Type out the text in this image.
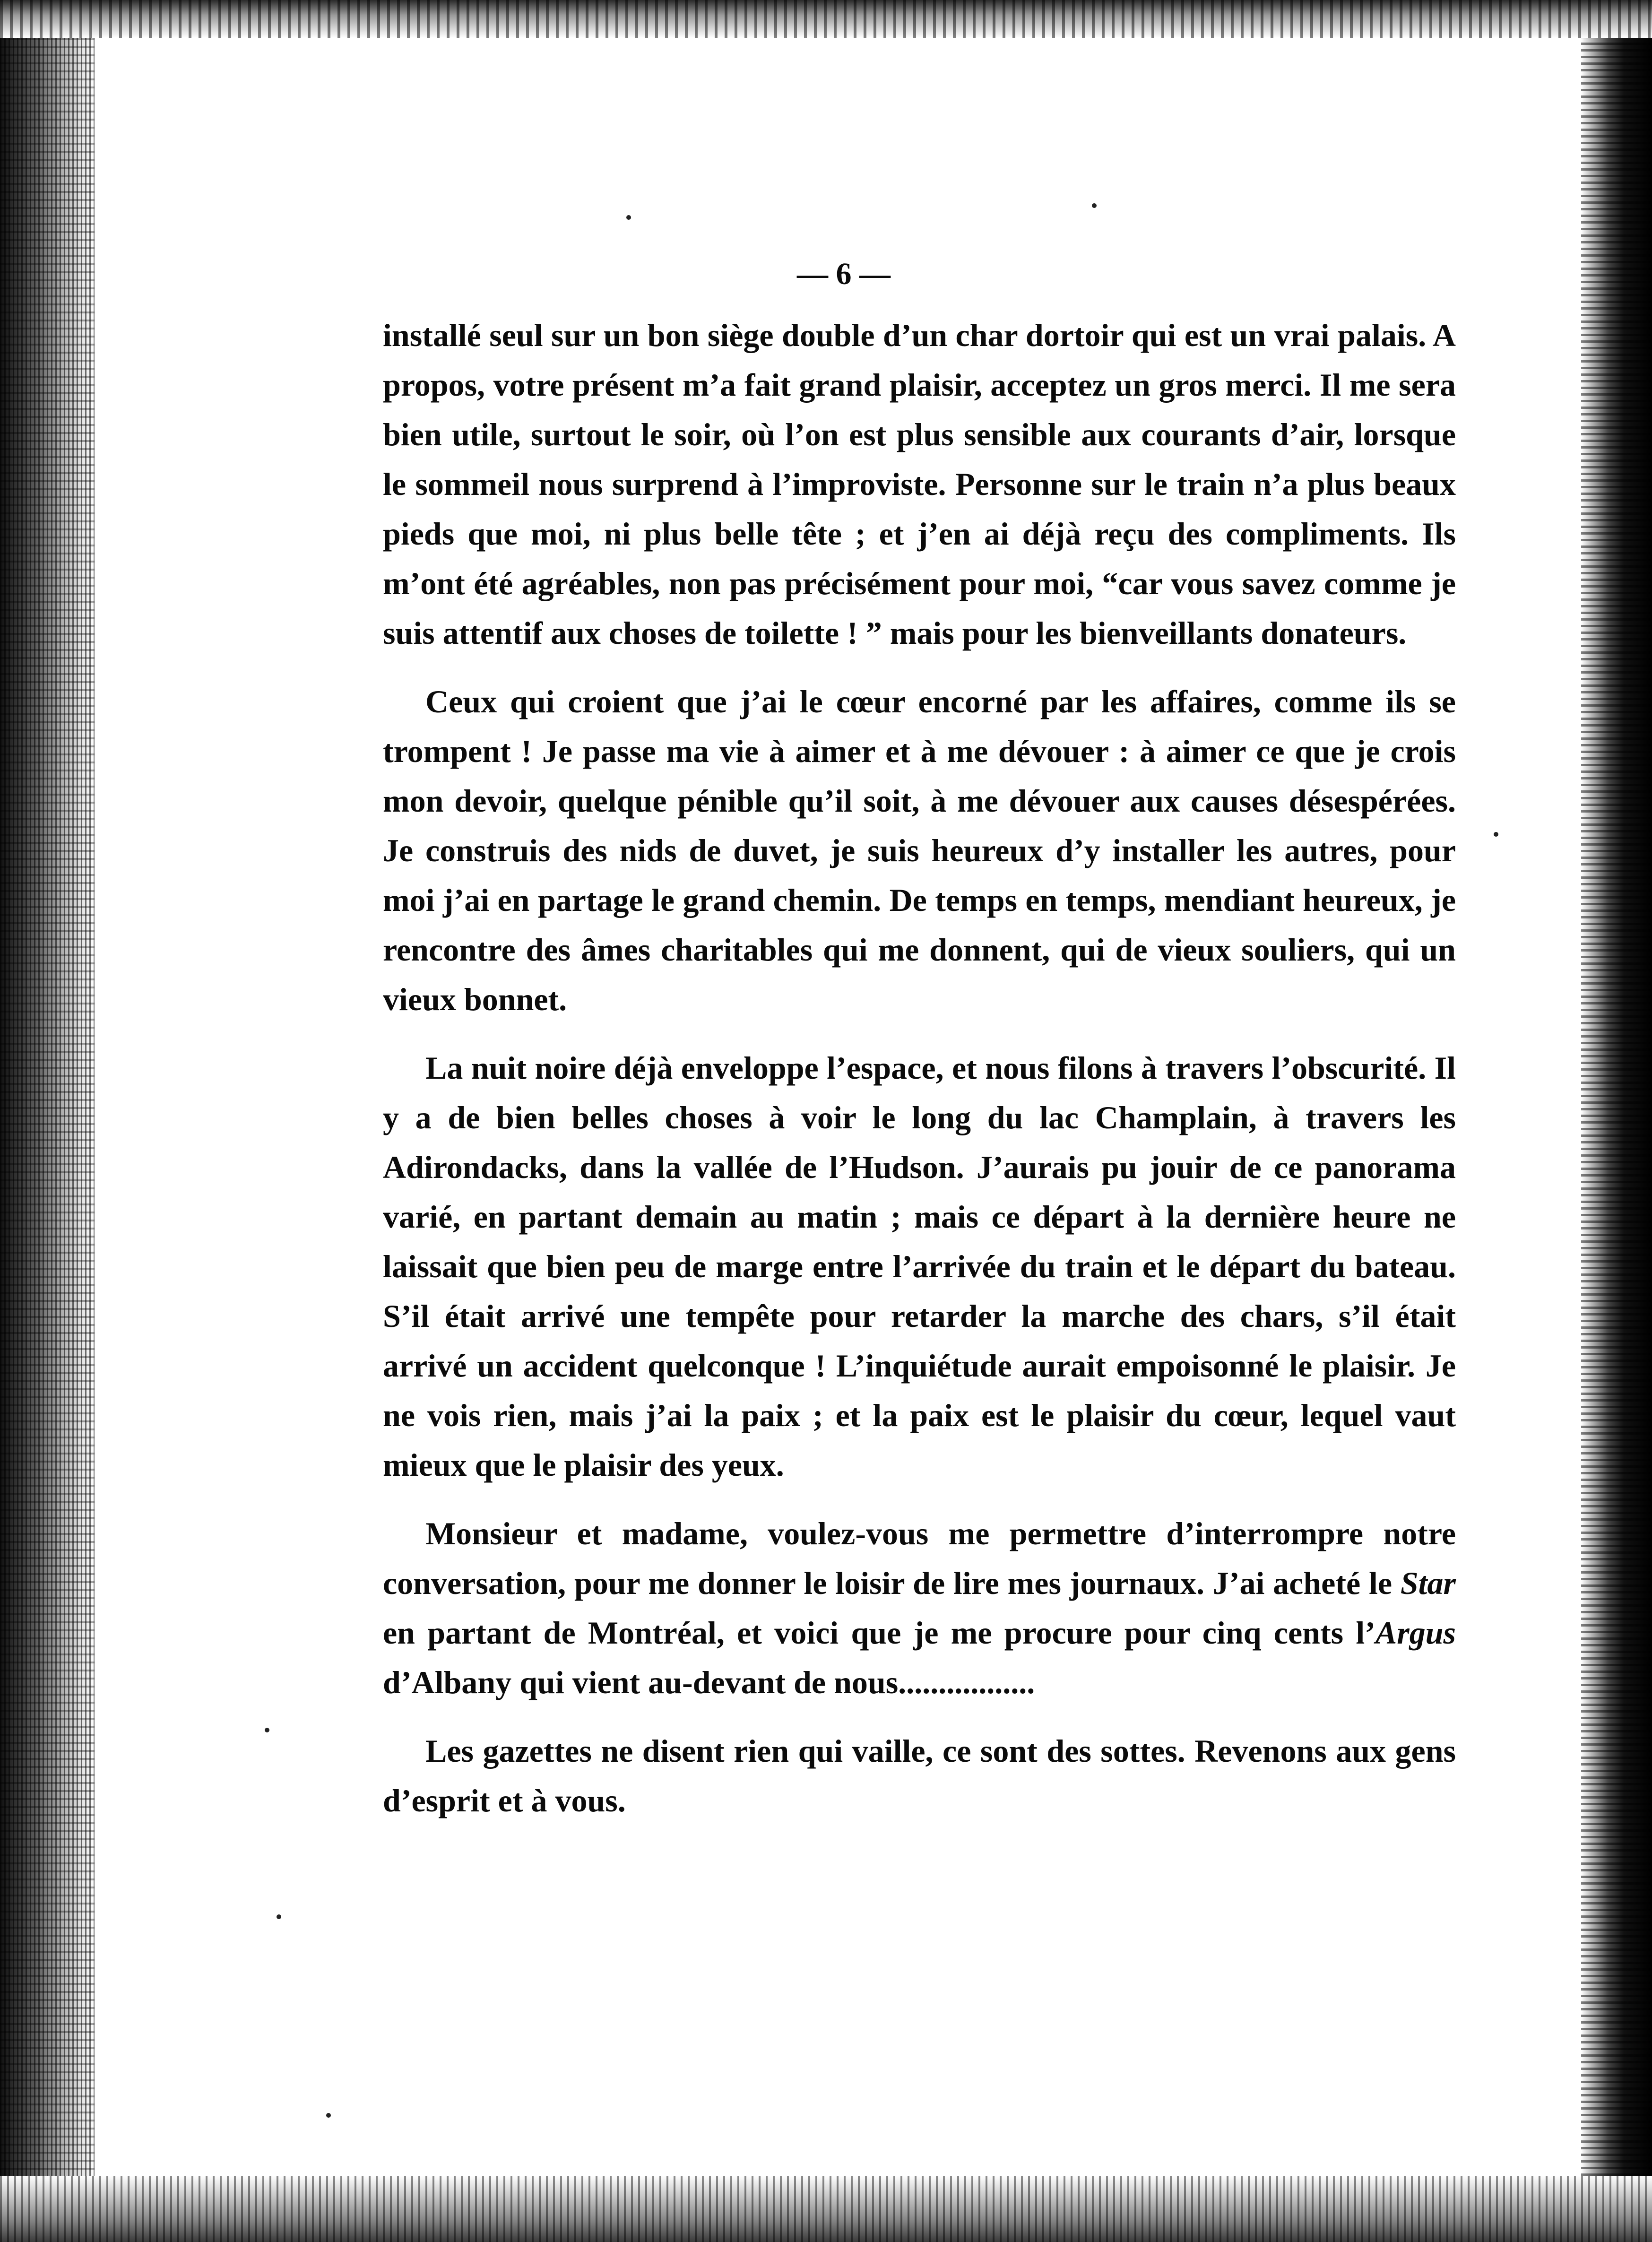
— 6 —

installé seul sur un bon siège double d’un char dortoir qui est un vrai palais. A propos, votre présent m’a fait grand plaisir, acceptez un gros merci. Il me sera bien utile, surtout le soir, où l’on est plus sensible aux courants d’air, lorsque le sommeil nous surprend à l’improviste. Personne sur le train n’a plus beaux pieds que moi, ni plus belle tête ; et j’en ai déjà reçu des compliments. Ils m’ont été agréables, non pas précisément pour moi, “car vous savez comme je suis attentif aux choses de toilette ! ” mais pour les bienveillants donateurs.

Ceux qui croient que j’ai le cœur encorné par les affaires, comme ils se trompent ! Je passe ma vie à aimer et à me dévouer : à aimer ce que je crois mon devoir, quelque pénible qu’il soit, à me dévouer aux causes désespérées. Je construis des nids de duvet, je suis heureux d’y installer les autres, pour moi j’ai en partage le grand chemin. De temps en temps, mendiant heureux, je rencontre des âmes charitables qui me donnent, qui de vieux souliers, qui un vieux bonnet.

La nuit noire déjà enveloppe l’espace, et nous filons à travers l’obscurité. Il y a de bien belles choses à voir le long du lac Champlain, à travers les Adirondacks, dans la vallée de l’Hudson. J’aurais pu jouir de ce panorama varié, en partant demain au matin ; mais ce départ à la dernière heure ne laissait que bien peu de marge entre l’arrivée du train et le départ du bateau. S’il était arrivé une tempête pour retarder la marche des chars, s’il était arrivé un accident quelconque ! L’inquiétude aurait empoisonné le plaisir. Je ne vois rien, mais j’ai la paix ; et la paix est le plaisir du cœur, lequel vaut mieux que le plaisir des yeux.

Monsieur et madame, voulez-vous me permettre d’interrompre notre conversation, pour me donner le loisir de lire mes journaux. J’ai acheté le Star en partant de Montréal, et voici que je me procure pour cinq cents l’Argus d’Albany qui vient au-devant de nous.................

Les gazettes ne disent rien qui vaille, ce sont des sottes. Revenons aux gens d’esprit et à vous.
